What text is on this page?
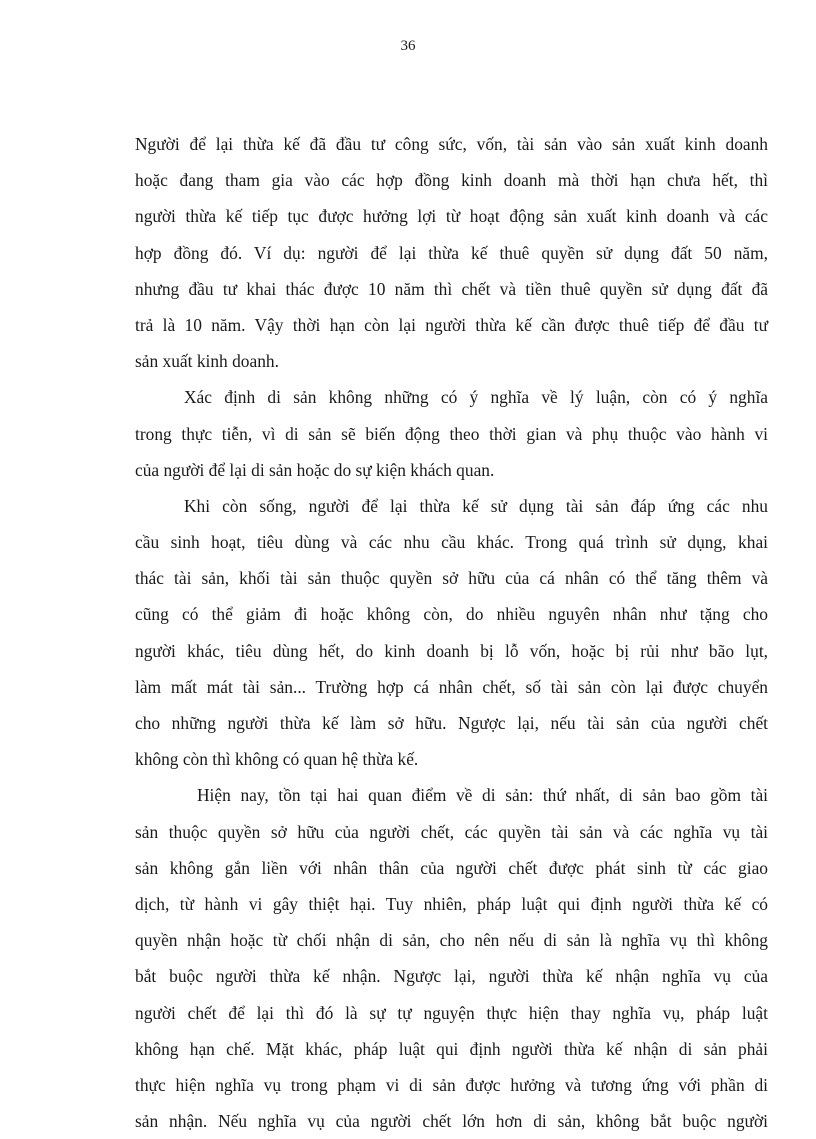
36
Người để lại thừa kế đã đầu tư công sức, vốn, tài sản vào sản xuất kinh doanh
hoặc đang tham gia vào các hợp đồng kinh doanh mà thời hạn chưa hết, thì
người thừa kế tiếp tục được hưởng lợi từ hoạt động sản xuất kinh doanh và các
hợp đồng đó. Ví dụ: người để lại thừa kế thuê quyền sử dụng đất 50 năm,
nhưng đầu tư khai thác được 10 năm thì chết và tiền thuê quyền sử dụng đất đã
trả là 10 năm. Vậy thời hạn còn lại người thừa kế cần được thuê tiếp để đầu tư
sản xuất kinh doanh.
Xác định di sản không những có ý nghĩa về lý luận, còn có ý nghĩa
trong thực tiễn, vì di sản sẽ biến động theo thời gian và phụ thuộc vào hành vi
của người để lại di sản hoặc do sự kiện khách quan.
Khi còn sống, người để lại thừa kế sử dụng tài sản đáp ứng các nhu
cầu sinh hoạt, tiêu dùng và các nhu cầu khác. Trong quá trình sử dụng, khai
thác tài sản, khối tài sản thuộc quyền sở hữu của cá nhân có thể tăng thêm và
cũng có thể giảm đi hoặc không còn, do nhiều nguyên nhân như tặng cho
người khác, tiêu dùng hết, do kinh doanh bị lỗ vốn, hoặc bị rủi như bão lụt,
làm mất mát tài sản... Trường hợp cá nhân chết, số tài sản còn lại được chuyển
cho những người thừa kế làm sở hữu. Ngược lại, nếu tài sản của người chết
không còn thì không có quan hệ thừa kế.
Hiện nay, tồn tại hai quan điểm về di sản: thứ nhất, di sản bao gồm tài
sản thuộc quyền sở hữu của người chết, các quyền tài sản và các nghĩa vụ tài
sản không gắn liền với nhân thân của người chết được phát sinh từ các giao
dịch, từ hành vi gây thiệt hại. Tuy nhiên, pháp luật qui định người thừa kế có
quyền nhận hoặc từ chối nhận di sản, cho nên nếu di sản là nghĩa vụ thì không
bắt buộc người thừa kế nhận. Ngược lại, người thừa kế nhận nghĩa vụ của
người chết để lại thì đó là sự tự nguyện thực hiện thay nghĩa vụ, pháp luật
không hạn chế. Mặt khác, pháp luật qui định người thừa kế nhận di sản phải
thực hiện nghĩa vụ trong phạm vi di sản được hưởng và tương ứng với phần di
sản nhận. Nếu nghĩa vụ của người chết lớn hơn di sản, không bắt buộc người
